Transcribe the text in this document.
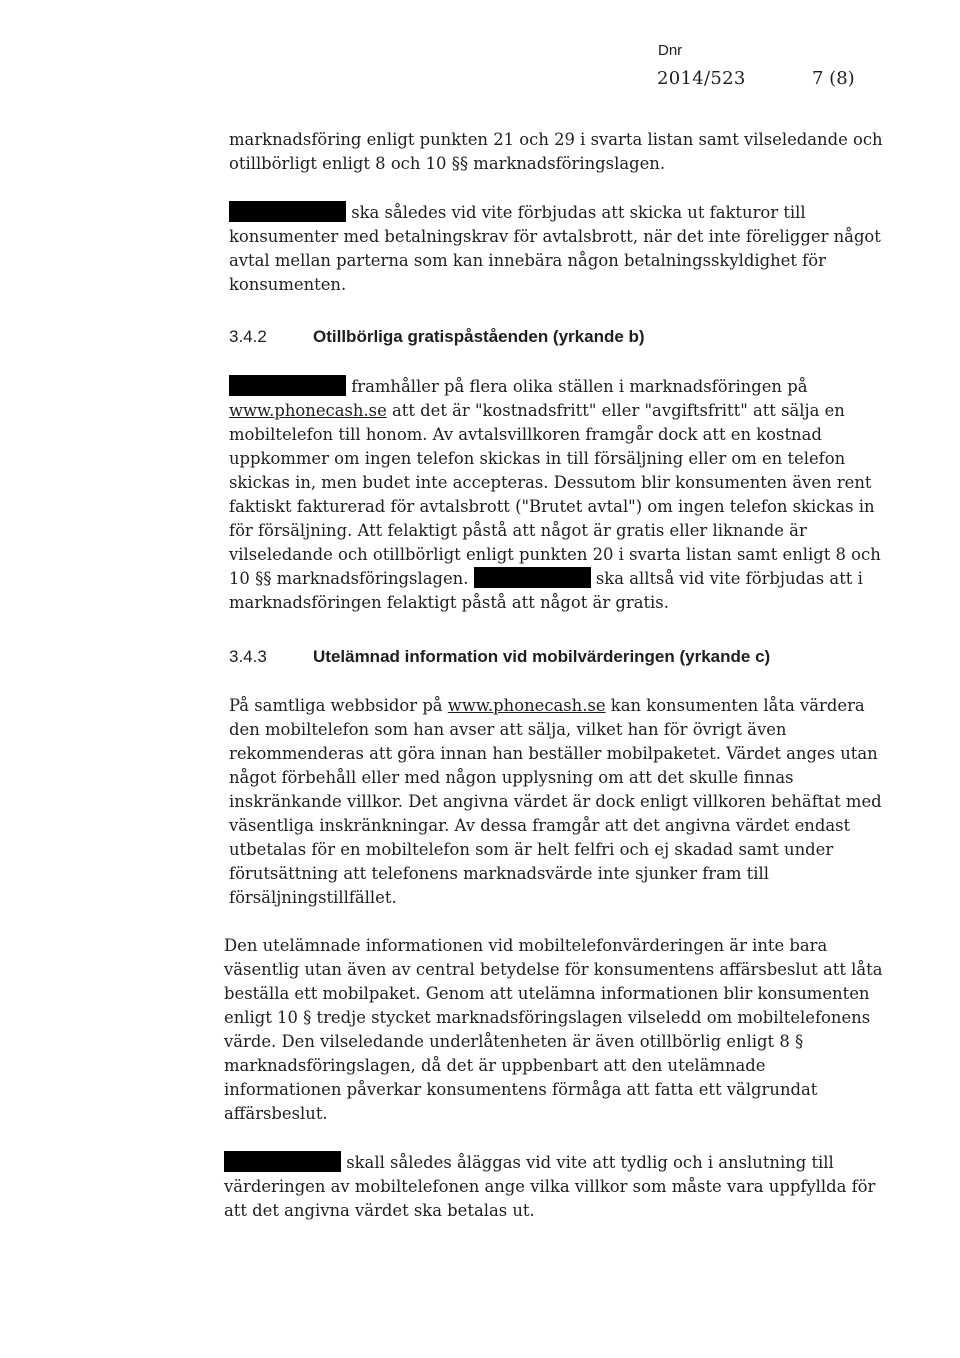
Dnr
2014/523	7 (8)
marknadsföring enligt punkten 21 och 29 i svarta listan samt vilseledande och
otillbörligt enligt 8 och 10 §§ marknadsföringslagen.
ska således vid vite förbjudas att skicka ut fakturor till
konsumenter med betalningskrav för avtalsbrott, när det inte föreligger något
avtal mellan parterna som kan innebära någon betalningsskyldighet för
konsumenten.
3.4.2	Otillbörliga gratispåståenden (yrkande b)
framhåller på flera olika ställen i marknadsföringen på
www.phonecash.se att det är "kostnadsfritt" eller "avgiftsfritt" att sälja en
mobiltelefon till honom. Av avtalsvillkoren framgår dock att en kostnad
uppkommer om ingen telefon skickas in till försäljning eller om en telefon
skickas in, men budet inte accepteras. Dessutom blir konsumenten även rent
faktiskt fakturerad för avtalsbrott ("Brutet avtal") om ingen telefon skickas in
för försäljning. Att felaktigt påstå att något är gratis eller liknande är
vilseledande och otillbörligt enligt punkten 20 i svarta listan samt enligt 8 och
10 §§ marknadsföringslagen.	ska alltså vid vite förbjudas att i
marknadsföringen felaktigt påstå att något är gratis.
3.4.3	Utelämnad information vid mobilvärderingen (yrkande c)
På samtliga webbsidor på www.phonecash.se kan konsumenten låta värdera
den mobiltelefon som han avser att sälja, vilket han för övrigt även
rekommenderas att göra innan han beställer mobilpaketet. Värdet anges utan
något förbehåll eller med någon upplysning om att det skulle finnas
inskränkande villkor. Det angivna värdet är dock enligt villkoren behäftat med
väsentliga inskränkningar. Av dessa framgår att det angivna värdet endast
utbetalas för en mobiltelefon som är helt felfri och ej skadad samt under
förutsättning att telefonens marknadsvärde inte sjunker fram till
försäljningstillfället.
Den utelämnade informationen vid mobiltelefonvärderingen är inte bara
väsentlig utan även av central betydelse för konsumentens affärsbeslut att låta
beställa ett mobilpaket. Genom att utelämna informationen blir konsumenten
enligt 10 § tredje stycket marknadsföringslagen vilseledd om mobiltelefonens
värde. Den vilseledande underlåtenheten är även otillbörlig enligt 8 §
marknadsföringslagen, då det är uppbenbart att den utelämnade
informationen påverkar konsumentens förmåga att fatta ett välgrundat
affärsbeslut.
skall således åläggas vid vite att tydlig och i anslutning till
värderingen av mobiltelefonen ange vilka villkor som måste vara uppfyllda för
att det angivna värdet ska betalas ut.
